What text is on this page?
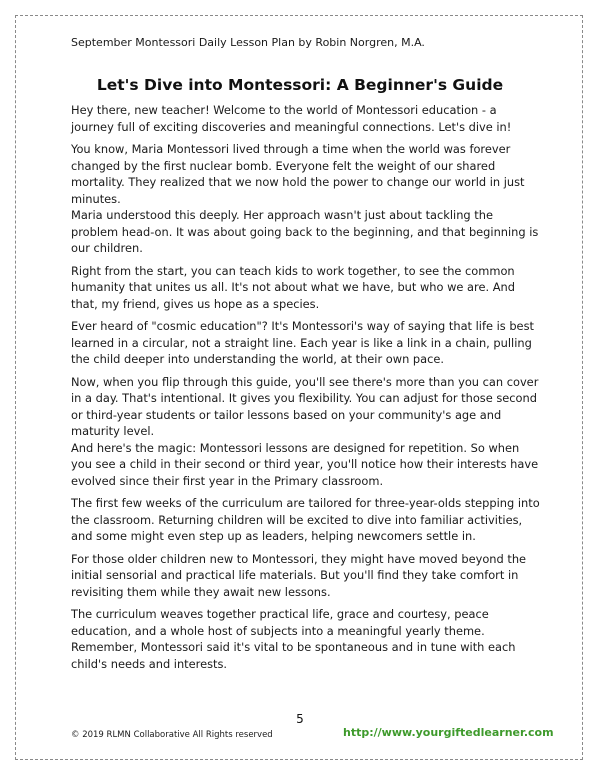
September Montessori Daily Lesson Plan by Robin Norgren, M.A.
Let's Dive into Montessori: A Beginner's Guide

Hey there, new teacher! Welcome to the world of Montessori education - a journey full of exciting discoveries and meaningful connections. Let's dive in!

You know, Maria Montessori lived through a time when the world was forever changed by the first nuclear bomb. Everyone felt the weight of our shared mortality. They realized that we now hold the power to change our world in just minutes.

Maria understood this deeply. Her approach wasn't just about tackling the problem head-on. It was about going back to the beginning, and that beginning is our children.

Right from the start, you can teach kids to work together, to see the common humanity that unites us all. It's not about what we have, but who we are. And that, my friend, gives us hope as a species.

Ever heard of "cosmic education"? It's Montessori's way of saying that life is best learned in a circular, not a straight line. Each year is like a link in a chain, pulling the child deeper into understanding the world, at their own pace.

Now, when you flip through this guide, you'll see there's more than you can cover in a day. That's intentional. It gives you flexibility. You can adjust for those second or third-year students or tailor lessons based on your community's age and maturity level.

And here's the magic: Montessori lessons are designed for repetition. So when you see a child in their second or third year, you'll notice how their interests have evolved since their first year in the Primary classroom.

The first few weeks of the curriculum are tailored for three-year-olds stepping into the classroom. Returning children will be excited to dive into familiar activities, and some might even step up as leaders, helping newcomers settle in.

For those older children new to Montessori, they might have moved beyond the initial sensorial and practical life materials. But you'll find they take comfort in revisiting them while they await new lessons.

The curriculum weaves together practical life, grace and courtesy, peace education, and a whole host of subjects into a meaningful yearly theme. Remember, Montessori said it's vital to be spontaneous and in tune with each child's needs and interests.

5
© 2019 RLMN Collaborative All Rights reserved	http://www.yourgiftedlearner.com
